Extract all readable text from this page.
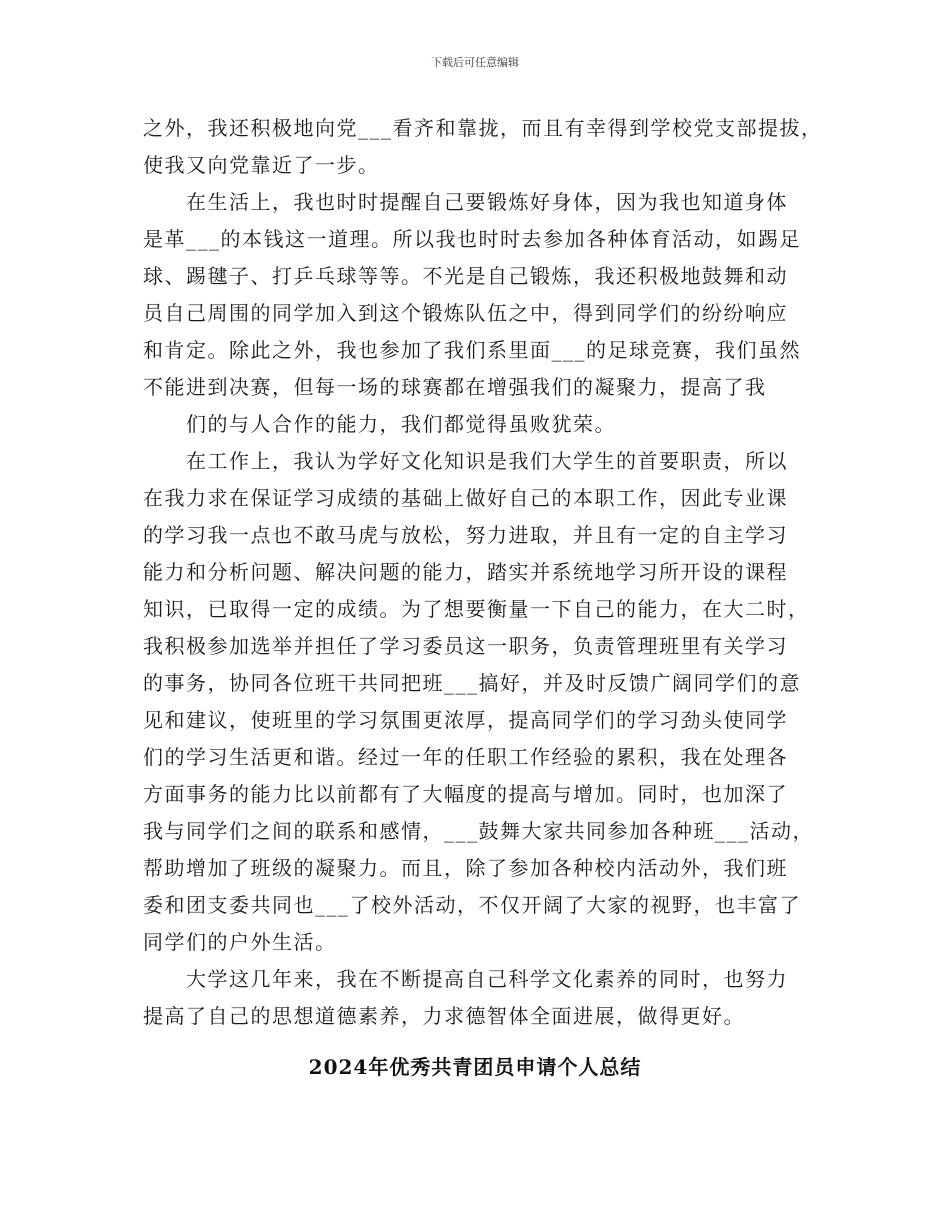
下载后可任意编辑
之外，我还积极地向党___看齐和靠拢，而且有幸得到学校党支部提拔，
使我又向党靠近了一步。
在生活上，我也时时提醒自己要锻炼好身体，因为我也知道身体
是革___的本钱这一道理。所以我也时时去参加各种体育活动，如踢足
球、踢毽子、打乒乓球等等。不光是自己锻炼，我还积极地鼓舞和动
员自己周围的同学加入到这个锻炼队伍之中，得到同学们的纷纷响应
和肯定。除此之外，我也参加了我们系里面___的足球竞赛，我们虽然
不能进到决赛，但每一场的球赛都在增强我们的凝聚力，提高了我
们的与人合作的能力，我们都觉得虽败犹荣。
在工作上，我认为学好文化知识是我们大学生的首要职责，所以
在我力求在保证学习成绩的基础上做好自己的本职工作，因此专业课
的学习我一点也不敢马虎与放松，努力进取，并且有一定的自主学习
能力和分析问题、解决问题的能力，踏实并系统地学习所开设的课程
知识，已取得一定的成绩。为了想要衡量一下自己的能力，在大二时，
我积极参加选举并担任了学习委员这一职务，负责管理班里有关学习
的事务，协同各位班干共同把班___搞好，并及时反馈广阔同学们的意
见和建议，使班里的学习氛围更浓厚，提高同学们的学习劲头使同学
们的学习生活更和谐。经过一年的任职工作经验的累积，我在处理各
方面事务的能力比以前都有了大幅度的提高与增加。同时，也加深了
我与同学们之间的联系和感情，___鼓舞大家共同参加各种班___活动，
帮助增加了班级的凝聚力。而且，除了参加各种校内活动外，我们班
委和团支委共同也___了校外活动，不仅开阔了大家的视野，也丰富了
同学们的户外生活。
大学这几年来，我在不断提高自己科学文化素养的同时，也努力
提高了自己的思想道德素养，力求德智体全面进展，做得更好。
2024年优秀共青团员申请个人总结
